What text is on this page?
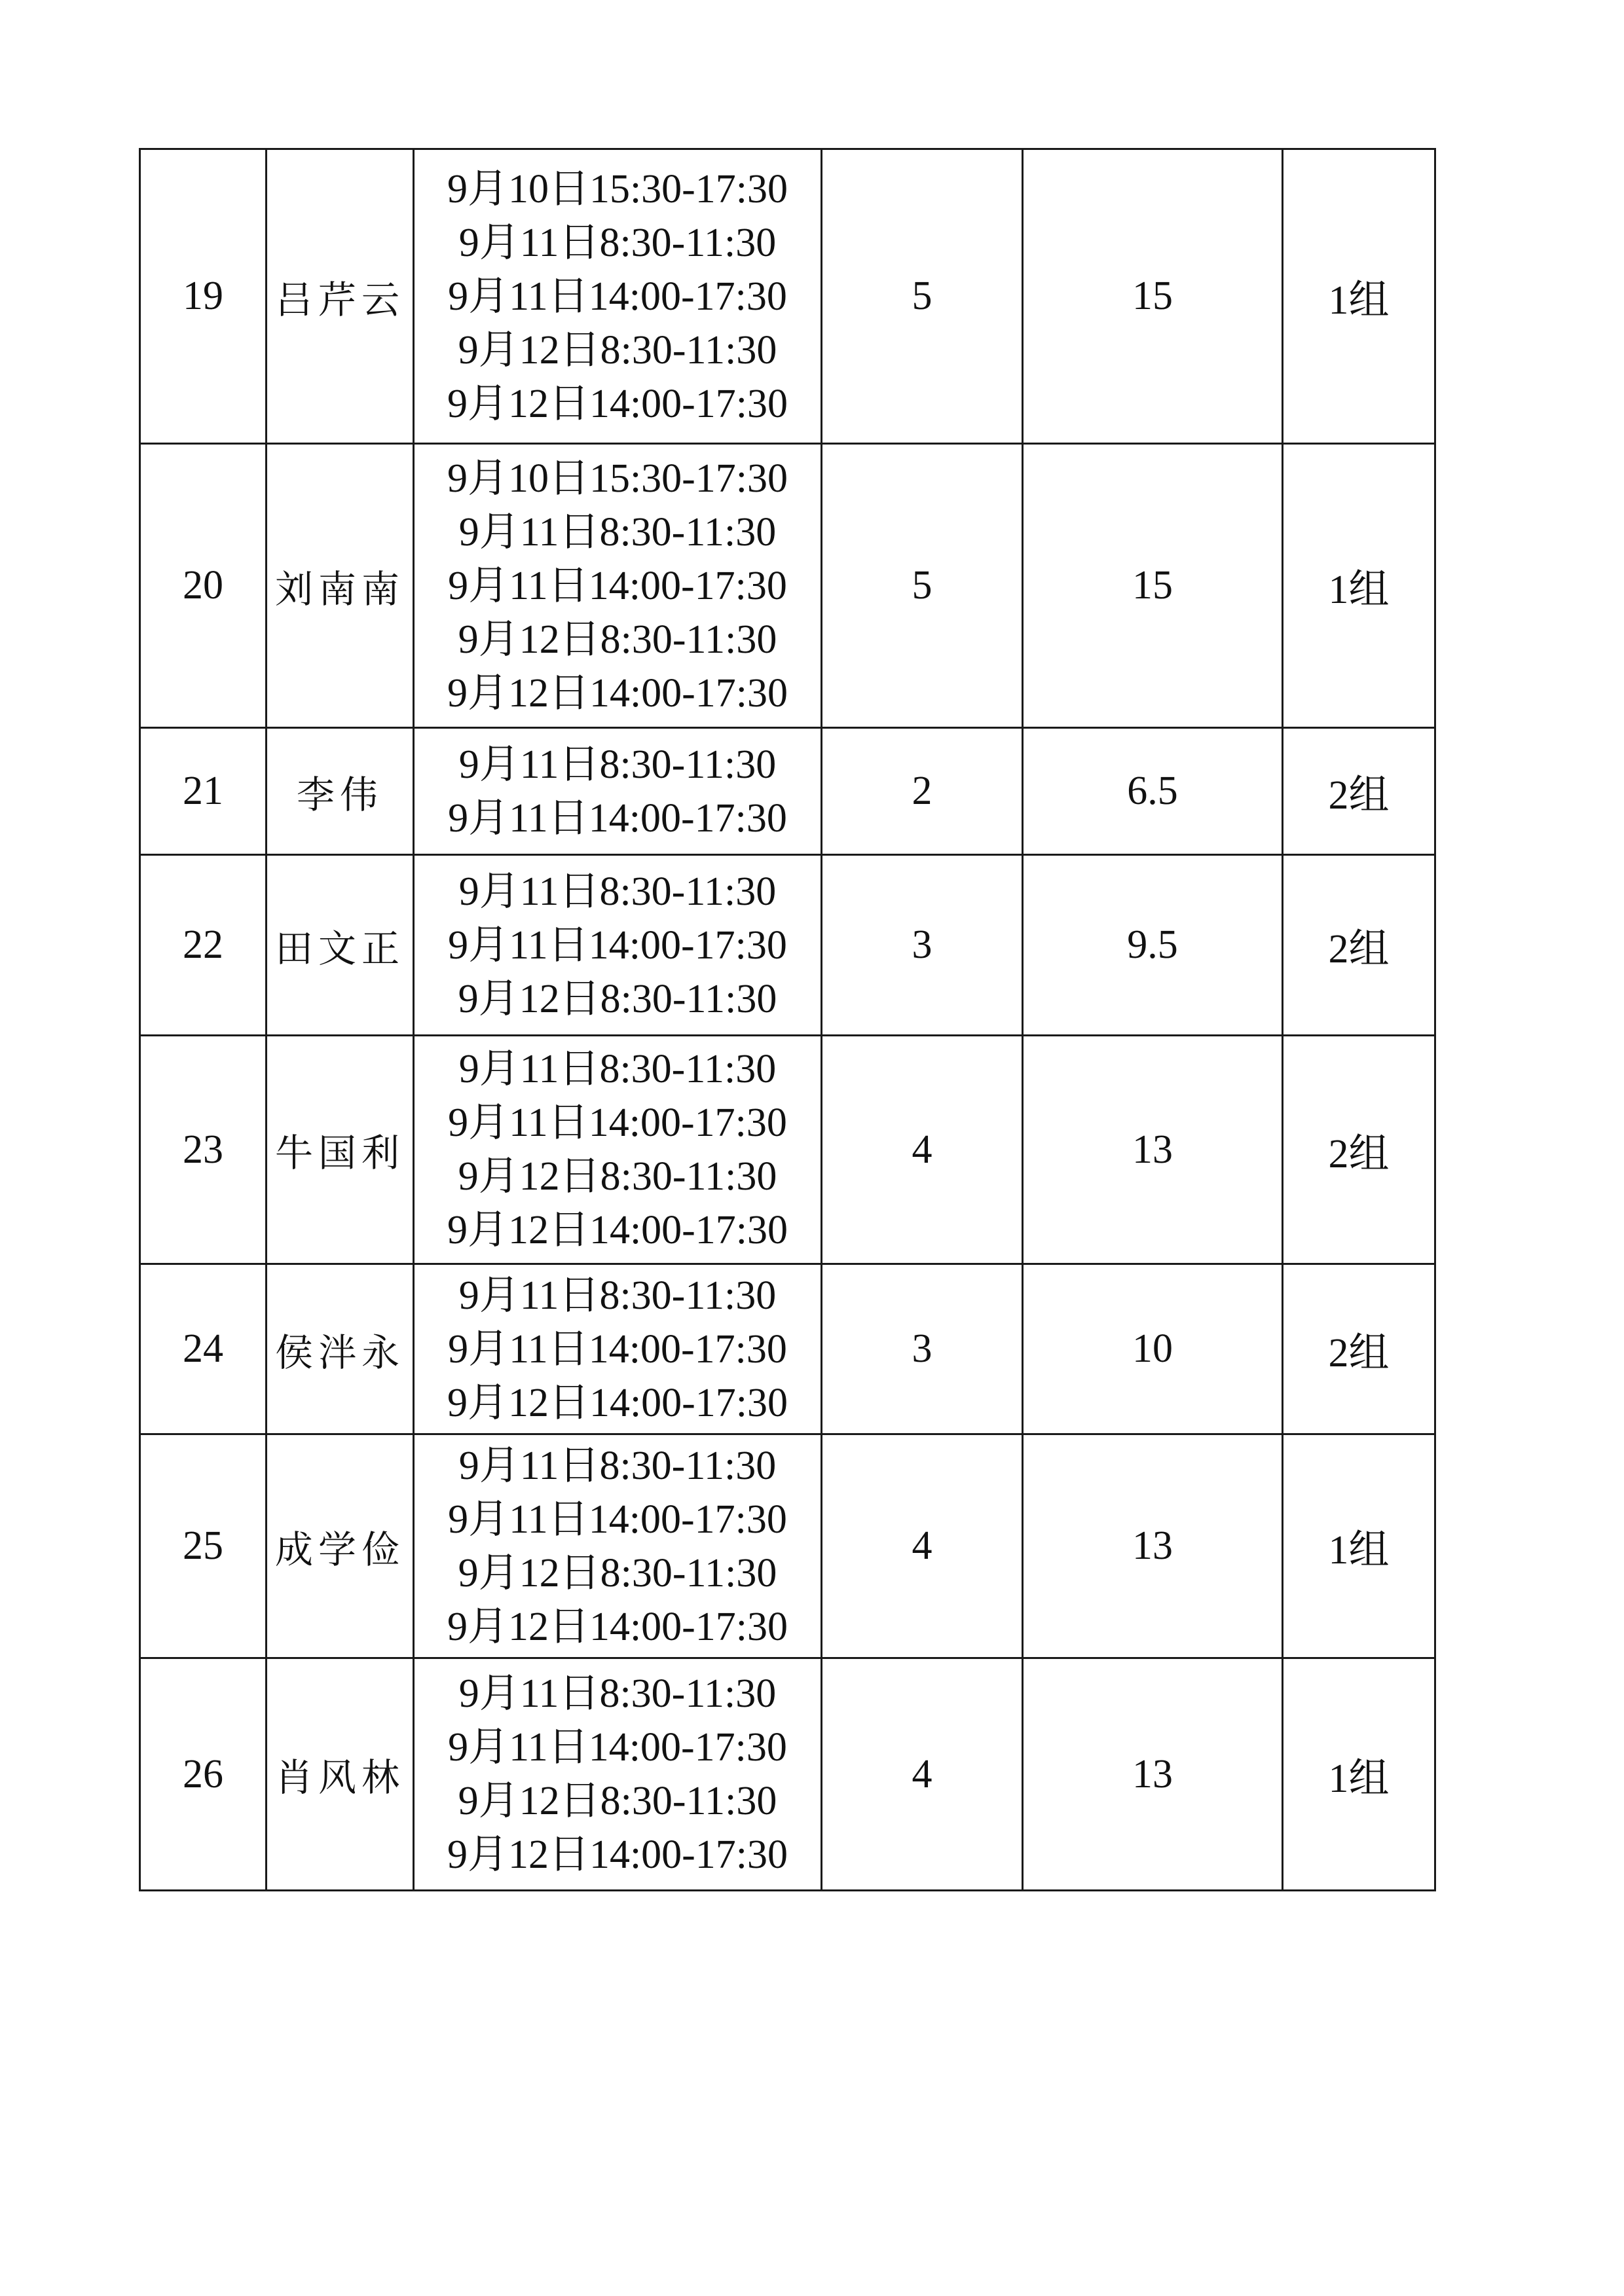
19	吕芹云	9月10日15:30-17:30
9月11日8:30-11:30
9月11日14:00-17:30
9月12日8:30-11:30
9月12日14:00-17:30	5	15	1组
20	刘南南	9月10日15:30-17:30
9月11日8:30-11:30
9月11日14:00-17:30
9月12日8:30-11:30
9月12日14:00-17:30	5	15	1组
21	李伟	9月11日8:30-11:30
9月11日14:00-17:30	2	6.5	2组
22	田文正	9月11日8:30-11:30
9月11日14:00-17:30
9月12日8:30-11:30	3	9.5	2组
23	牛国利	9月11日8:30-11:30
9月11日14:00-17:30
9月12日8:30-11:30
9月12日14:00-17:30	4	13	2组
24	侯泮永	9月11日8:30-11:30
9月11日14:00-17:30
9月12日14:00-17:30	3	10	2组
25	成学俭	9月11日8:30-11:30
9月11日14:00-17:30
9月12日8:30-11:30
9月12日14:00-17:30	4	13	1组
26	肖风林	9月11日8:30-11:30
9月11日14:00-17:30
9月12日8:30-11:30
9月12日14:00-17:30	4	13	1组
